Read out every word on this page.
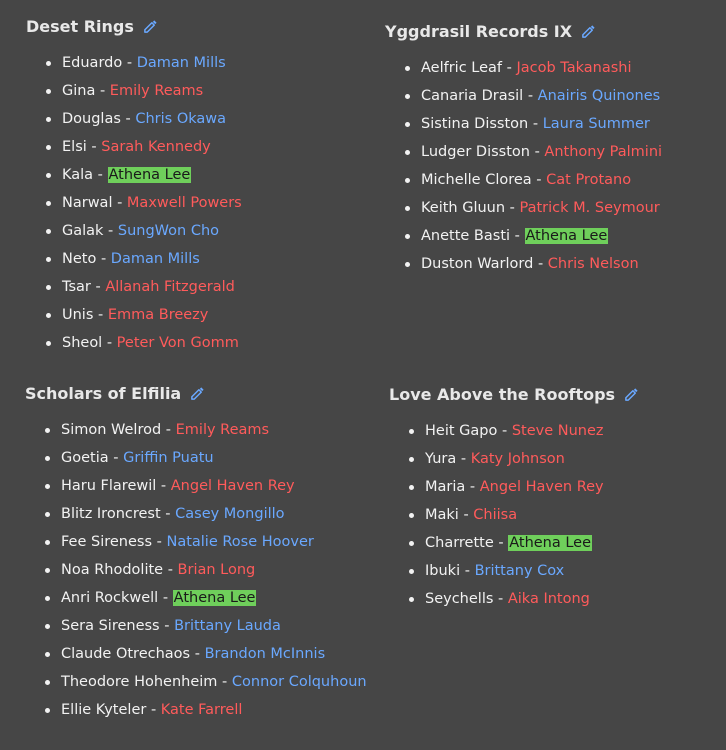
Deset Rings
Eduardo - Daman Mills
Gina - Emily Reams
Douglas - Chris Okawa
Elsi - Sarah Kennedy
Kala - Athena Lee
Narwal - Maxwell Powers
Galak - SungWon Cho
Neto - Daman Mills
Tsar - Allanah Fitzgerald
Unis - Emma Breezy
Sheol - Peter Von Gomm
Yggdrasil Records IX
Aelfric Leaf - Jacob Takanashi
Canaria Drasil - Anairis Quinones
Sistina Disston - Laura Summer
Ludger Disston - Anthony Palmini
Michelle Clorea - Cat Protano
Keith Gluun - Patrick M. Seymour
Anette Basti - Athena Lee
Duston Warlord - Chris Nelson
Scholars of Elfilia
Simon Welrod - Emily Reams
Goetia - Griffin Puatu
Haru Flarewil - Angel Haven Rey
Blitz Ironcrest - Casey Mongillo
Fee Sireness - Natalie Rose Hoover
Noa Rhodolite - Brian Long
Anri Rockwell - Athena Lee
Sera Sireness - Brittany Lauda
Claude Otrechaos - Brandon McInnis
Theodore Hohenheim - Connor Colquhoun
Ellie Kyteler - Kate Farrell
Love Above the Rooftops
Heit Gapo - Steve Nunez
Yura - Katy Johnson
Maria - Angel Haven Rey
Maki - Chiisa
Charrette - Athena Lee
Ibuki - Brittany Cox
Seychells - Aika Intong
